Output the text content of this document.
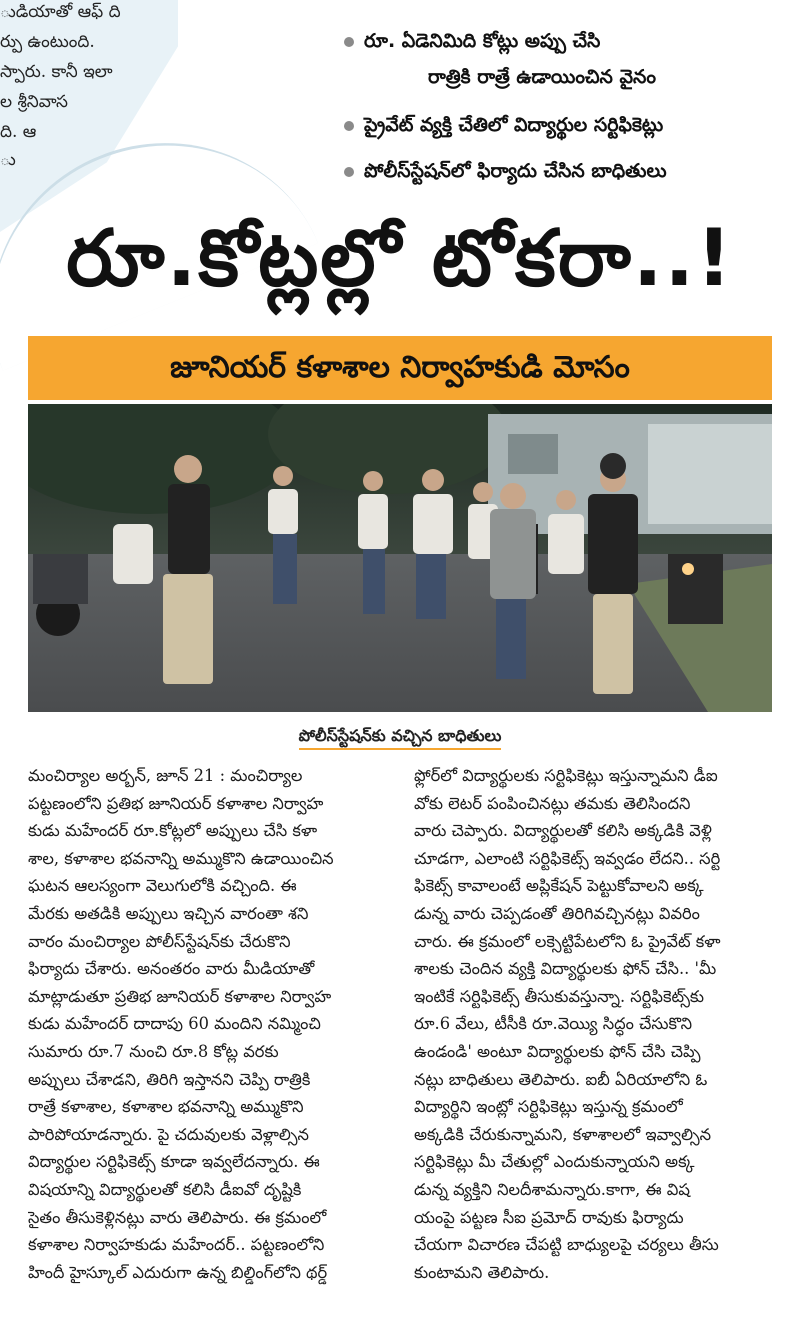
ుడియాతో ఆఫ్ ది
ర్పు ఉంటుంది.
స్పారు. కానీ ఇలా
ల శ్రీనివాస
ది. ఆ
ు
రూ. ఏడెనిమిది కోట్లు అప్పు చేసి
రాత్రికి రాత్రే ఉడాయించిన వైనం
ప్రైవేట్ వ్యక్తి చేతిలో విద్యార్థుల సర్టిఫికెట్లు
పోలీస్‌స్టేషన్‌లో ఫిర్యాదు చేసిన బాధితులు
రూ.కోట్లల్లో టోకరా..!
జూనియర్ కళాశాల నిర్వాహకుడి మోసం
పోలీస్‌స్టేషన్‌కు వచ్చిన బాధితులు
మంచిర్యాల అర్బన్, జూన్ 21 : మంచిర్యాల
పట్టణంలోని ప్రతిభ జూనియర్ కళాశాల నిర్వాహ
కుడు మహేందర్ రూ.కోట్లలో అప్పులు చేసి కళా
శాల, కళాశాల భవనాన్ని అమ్ముకొని ఉడాయించిన
ఘటన ఆలస్యంగా వెలుగులోకి వచ్చింది. ఈ
మేరకు అతడికి అప్పులు ఇచ్చిన వారంతా శని
వారం మంచిర్యాల పోలీస్‌స్టేషన్‌కు చేరుకొని
ఫిర్యాదు చేశారు. అనంతరం వారు మీడియాతో
మాట్లాడుతూ ప్రతిభ జూనియర్ కళాశాల నిర్వాహ
కుడు మహేందర్ దాదాపు 60 మందిని నమ్మించి
సుమారు రూ.7 నుంచి రూ.8 కోట్ల వరకు
అప్పులు చేశాడని, తిరిగి ఇస్తానని చెప్పి రాత్రికి
రాత్రే కళాశాల, కళాశాల భవనాన్ని అమ్ముకొని
పారిపోయాడన్నారు. పై చదువులకు వెళ్లాల్సిన
విద్యార్థుల సర్టిఫికెట్స్ కూడా ఇవ్వలేదన్నారు. ఈ
విషయాన్ని విద్యార్థులతో కలిసి డీఐవో దృష్టికి
సైతం తీసుకెళ్లినట్లు వారు తెలిపారు. ఈ క్రమంలో
కళాశాల నిర్వాహకుడు మహేందర్.. పట్టణంలోని
హిందీ హైస్కూల్ ఎదురుగా ఉన్న బిల్డింగ్‌లోని థర్డ్
ఫ్లోర్‌లో విద్యార్థులకు సర్టిఫికెట్లు ఇస్తున్నామని డీఐ
వోకు లెటర్ పంపించినట్లు తమకు తెలిసిందని
వారు చెప్పారు. విద్యార్థులతో కలిసి అక్కడికి వెళ్లి
చూడగా, ఎలాంటి సర్టిఫికెట్స్ ఇవ్వడం లేదని.. సర్టి
ఫికెట్స్ కావాలంటే అప్లికేషన్ పెట్టుకోవాలని అక్క
డున్న వారు చెప్పడంతో తిరిగివచ్చినట్లు వివరిం
చారు. ఈ క్రమంలో లక్సెట్టిపేటలోని ఓ ప్రైవేట్ కళా
శాలకు చెందిన వ్యక్తి విద్యార్థులకు ఫోన్ చేసి.. 'మీ
ఇంటికే సర్టిఫికెట్స్ తీసుకువస్తున్నా. సర్టిఫికెట్స్‌కు
రూ.6 వేలు, టీసీకి రూ.వెయ్యి సిద్ధం చేసుకొని
ఉండండి' అంటూ విద్యార్థులకు ఫోన్ చేసి చెప్పి
నట్లు బాధితులు తెలిపారు. ఐబీ ఏరియాలోని ఓ
విద్యార్థిని ఇంట్లో సర్టిఫికెట్లు ఇస్తున్న క్రమంలో
అక్కడికి చేరుకున్నామని, కళాశాలలో ఇవ్వాల్సిన
సర్టిఫికెట్లు మీ చేతుల్లో ఎందుకున్నాయని అక్క
డున్న వ్యక్తిని నిలదీశామన్నారు.కాగా, ఈ విష
యంపై పట్టణ సీఐ ప్రమోద్ రావుకు ఫిర్యాదు
చేయగా విచారణ చేపట్టి బాధ్యులపై చర్యలు తీసు
కుంటామని తెలిపారు.
